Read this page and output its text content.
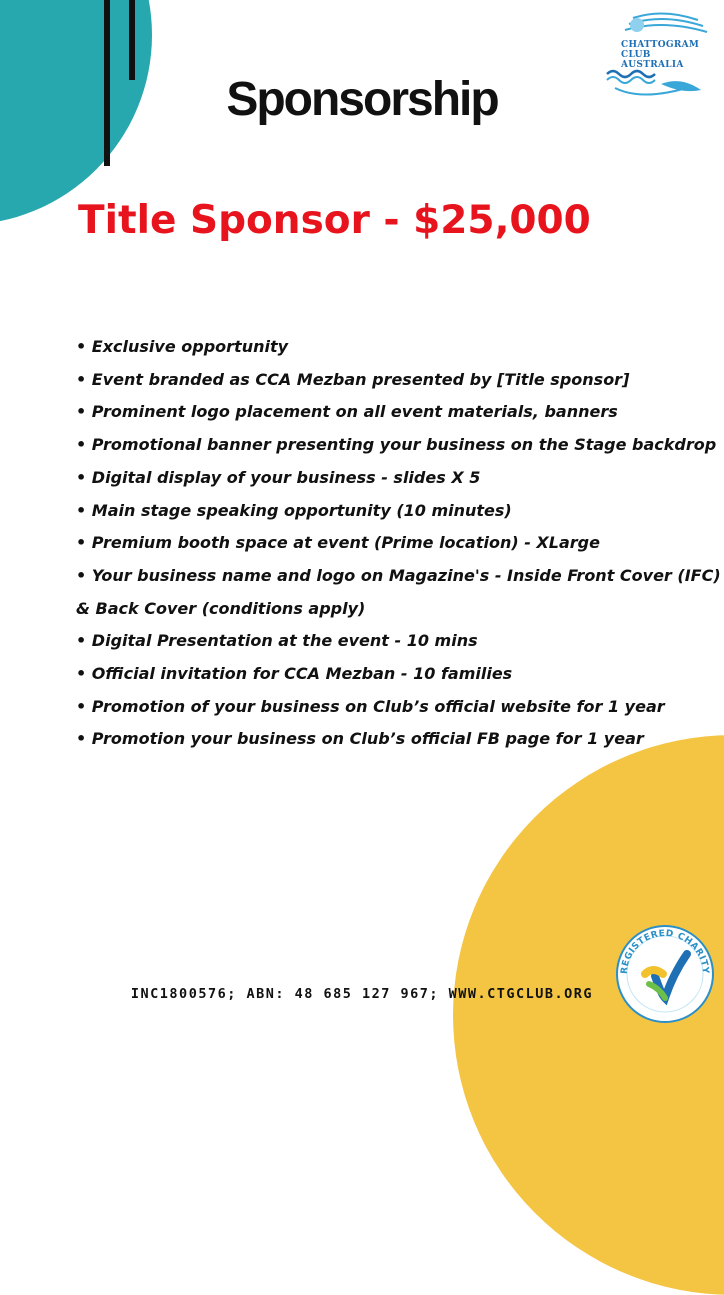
CHATTOGRAM
CLUB
AUSTRALIA
Sponsorship
Title Sponsor - $25,000
• Exclusive opportunity
• Event branded as CCA Mezban presented by [Title sponsor]
• Prominent logo placement on all event materials, banners
• Promotional banner presenting your business on the Stage backdrop
• Digital display of your business - slides X 5
• Main stage speaking opportunity (10 minutes)
• Premium booth space at event (Prime location) - XLarge
• Your business name and logo on Magazine's - Inside Front Cover (IFC)
& Back Cover (conditions apply)
• Digital Presentation at the event - 10 mins
• Official invitation for CCA Mezban - 10 families
• Promotion of your business on Club’s official website for 1 year
• Promotion your business on Club’s official FB page for 1 year
INC1800576; ABN: 48 685 127 967; WWW.CTGCLUB.ORG
REGISTERED CHARITY
